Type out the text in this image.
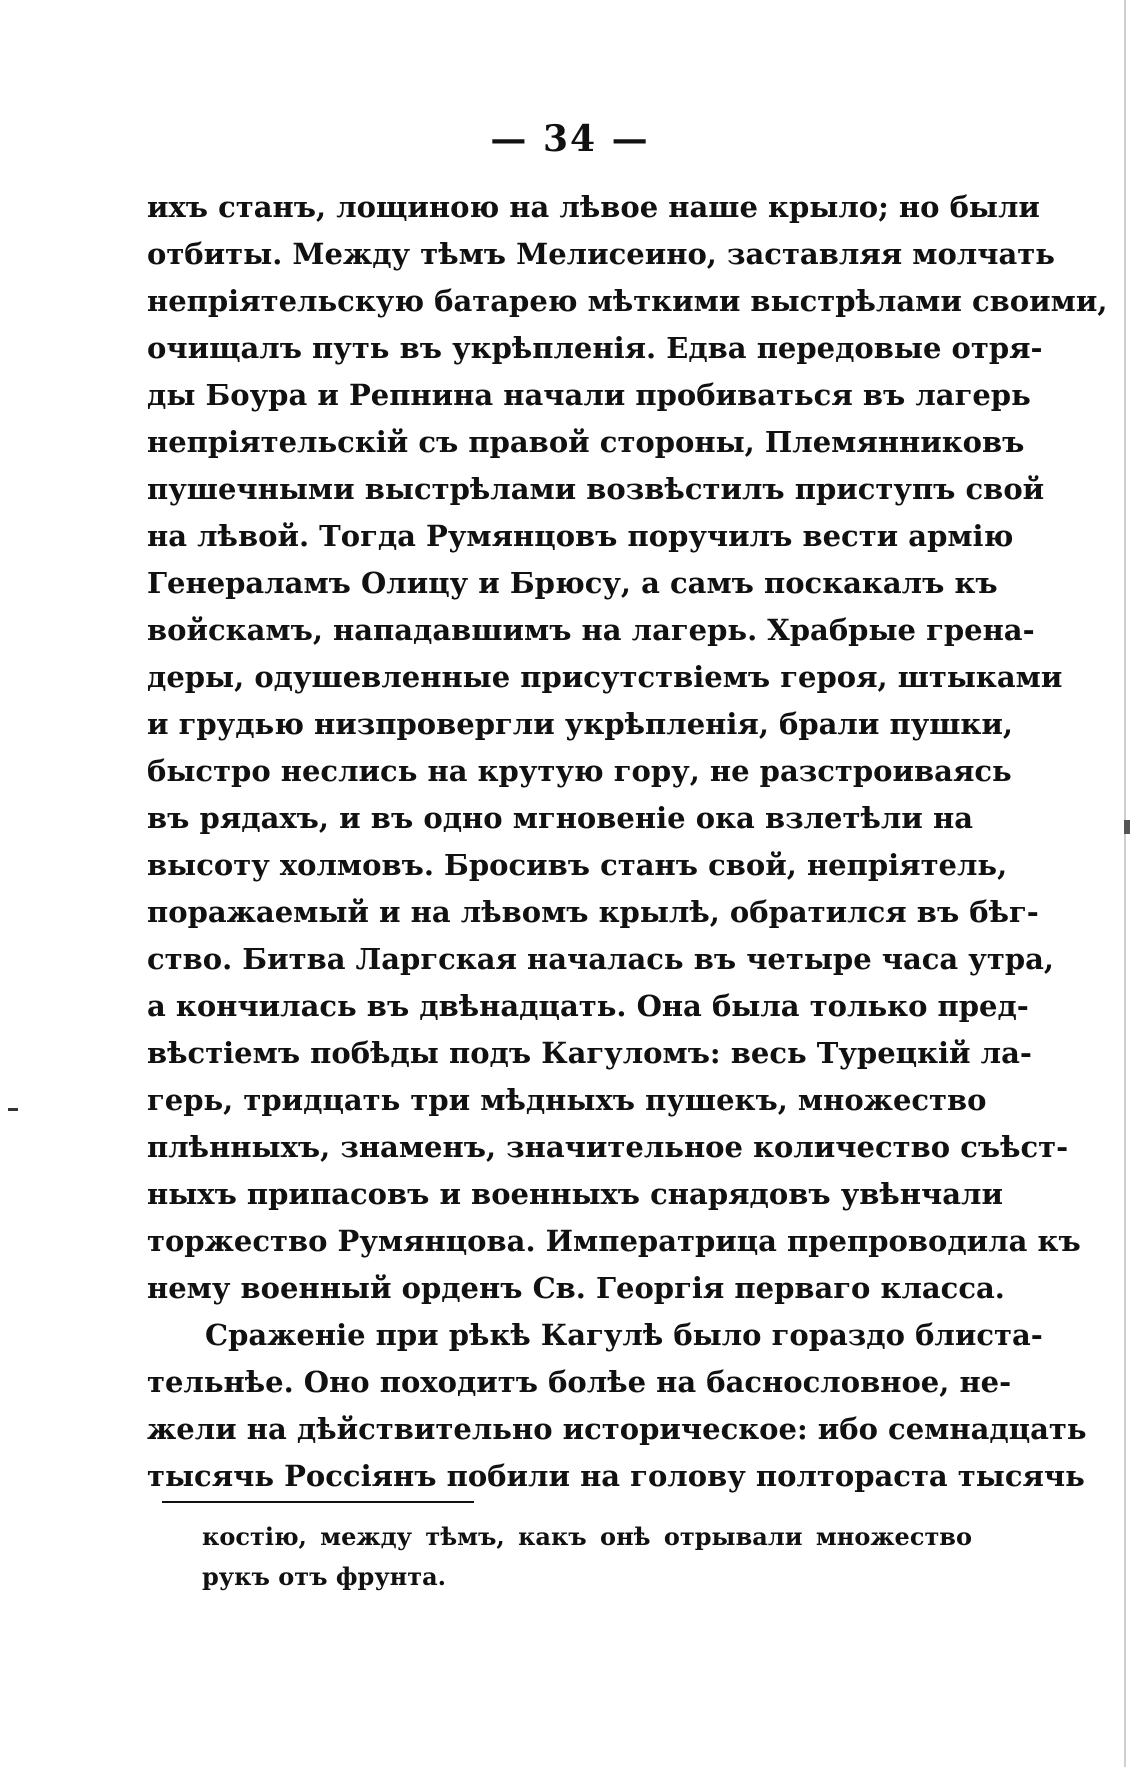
— 34 —
ихъ станъ, лощиною на лѣвое наше крыло; но были
отбиты. Между тѣмъ Мелисеино, заставляя молчать
непріятельскую батарею мѣткими выстрѣлами своими,
очищалъ путь въ укрѣпленія. Едва передовые отря-
ды Боура и Репнина начали пробиваться въ лагерь
непріятельскій съ правой стороны, Племянниковъ
пушечными выстрѣлами возвѣстилъ приступъ свой
на лѣвой. Тогда Румянцовъ поручилъ вести армію
Генераламъ Олицу и Брюсу, а самъ поскакалъ къ
войскамъ, нападавшимъ на лагерь. Храбрые грена-
деры, одушевленные присутствіемъ героя, штыками
и грудью низпровергли укрѣпленія, брали пушки,
быстро неслись на крутую гору, не разстроиваясь
въ рядахъ, и въ одно мгновеніе ока взлетѣли на
высоту холмовъ. Бросивъ станъ свой, непріятель,
поражаемый и на лѣвомъ крылѣ, обратился въ бѣг-
ство. Битва Ларгская началась въ четыре часа утра,
а кончилась въ двѣнадцать. Она была только пред-
вѣстіемъ побѣды подъ Кагуломъ: весь Турецкій ла-
герь, тридцать три мѣдныхъ пушекъ, множество
плѣнныхъ, знаменъ, значительное количество съѣст-
ныхъ припасовъ и военныхъ снарядовъ увѣнчали
торжество Румянцова. Императрица препроводила къ
нему военный орденъ Св. Георгія перваго класса.
Сраженіе при рѣкѣ Кагулѣ было гораздо блиста-
тельнѣе. Оно походитъ болѣе на баснословное, не-
жели на дѣйствительно историческое: ибо семнадцать
тысячь Россіянъ побили на голову полтораста тысячь
костію, между тѣмъ, какъ онѣ отрывали множество
рукъ отъ фрунта.
